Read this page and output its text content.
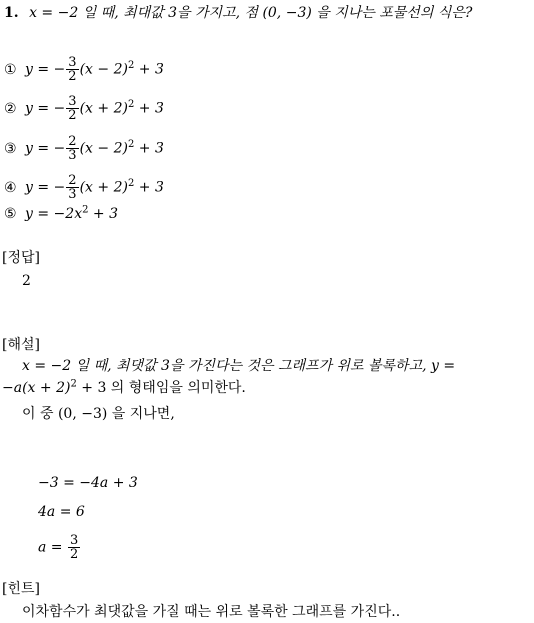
1. x = −2 일 때, 최대값 3을 가지고, 점 (0, −3) 을 지나는 포물선의 식은?
① y = − $\frac{3}{2} (x - 2)^2 + 3$
② y = − $\frac{3}{2} (x + 2)^2 + 3$
③ y = − $\frac{2}{3} (x - 2)^2 + 3$
④ y = − $\frac{2}{3} (x + 2)^2 + 3$
⑤ $y = -2x^2 + 3$
[정답]
2
[해설]
x = −2 일 때, 최댓값 3을 가진다는 것은 그래프가 위로 볼록하고, y =
$-a(x + 2)^2 + 3$ 의 형태임을 의미한다.
이 중 (0, −3) 을 지나면,
−3 = −4a + 3
4a = 6
$a = \frac{3}{2}$
[힌트]
이차함수가 최댓값을 가질 때는 위로 볼록한 그래프를 가진다..
